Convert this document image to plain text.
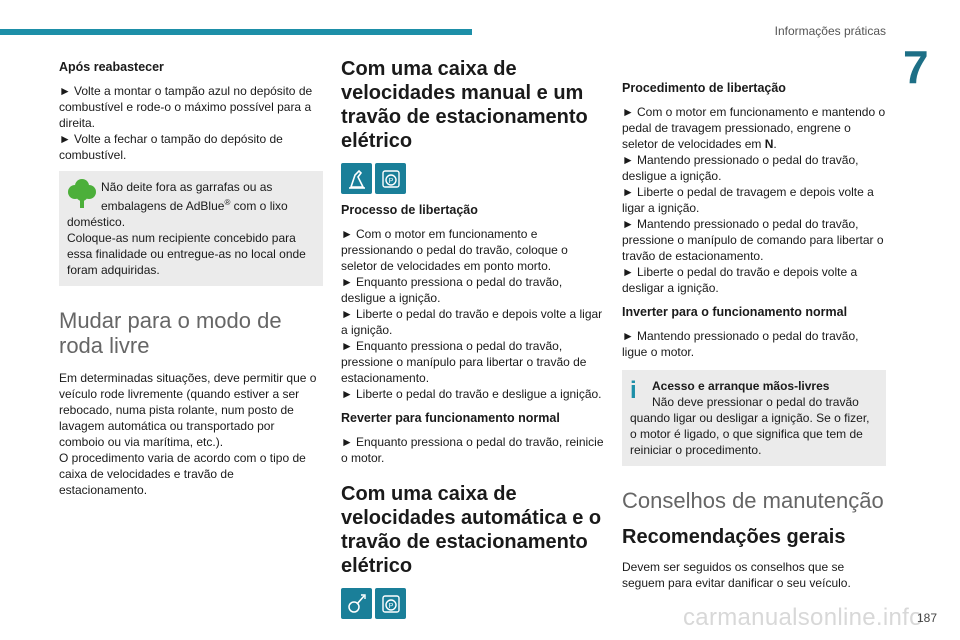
Informações práticas
7

Após reabastecer

► Volte a montar o tampão azul no depósito de combustível e rode-o o máximo possível para a direita.

► Volte a fechar o tampão do depósito de combustível.

Não deite fora as garrafas ou as embalagens de AdBlue® com o lixo doméstico.
Coloque-as num recipiente concebido para essa finalidade ou entregue-as no local onde foram adquiridas.
Mudar para o modo de roda livre

Em determinadas situações, deve permitir que o veículo rode livremente (quando estiver a ser rebocado, numa pista rolante, num posto de lavagem automática ou transportado por comboio ou via marítima, etc.).

O procedimento varia de acordo com o tipo de caixa de velocidades e travão de estacionamento.

Com uma caixa de velocidades manual e um travão de estacionamento elétrico
P

Processo de libertação

► Com o motor em funcionamento e pressionando o pedal do travão, coloque o seletor de velocidades em ponto morto.

► Enquanto pressiona o pedal do travão, desligue a ignição.

► Liberte o pedal do travão e depois volte a ligar a ignição.

► Enquanto pressiona o pedal do travão, pressione o manípulo para libertar o travão de estacionamento.

► Liberte o pedal do travão e desligue a ignição.

Reverter para funcionamento normal

► Enquanto pressiona o pedal do travão, reinicie o motor.

Com uma caixa de velocidades automática e o travão de estacionamento elétrico
P

Procedimento de libertação

► Com o motor em funcionamento e mantendo o pedal de travagem pressionado, engrene o seletor de velocidades em N.

► Mantendo pressionado o pedal do travão, desligue a ignição.

► Liberte o pedal de travagem e depois volte a ligar a ignição.

► Mantendo pressionado o pedal do travão, pressione o manípulo de comando para libertar o travão de estacionamento.

► Liberte o pedal do travão e depois volte a desligar a ignição.

Inverter para o funcionamento normal

► Mantendo pressionado o pedal do travão, ligue o motor.

i	Acesso e arranque mãos-livres
Não deve pressionar o pedal do travão quando ligar ou desligar a ignição. Se o fizer, o motor é ligado, o que significa que tem de reiniciar o procedimento.
Conselhos de manutenção
Recomendações gerais

Devem ser seguidos os conselhos que se seguem para evitar danificar o seu veículo.

carmanualsonline.info
187
